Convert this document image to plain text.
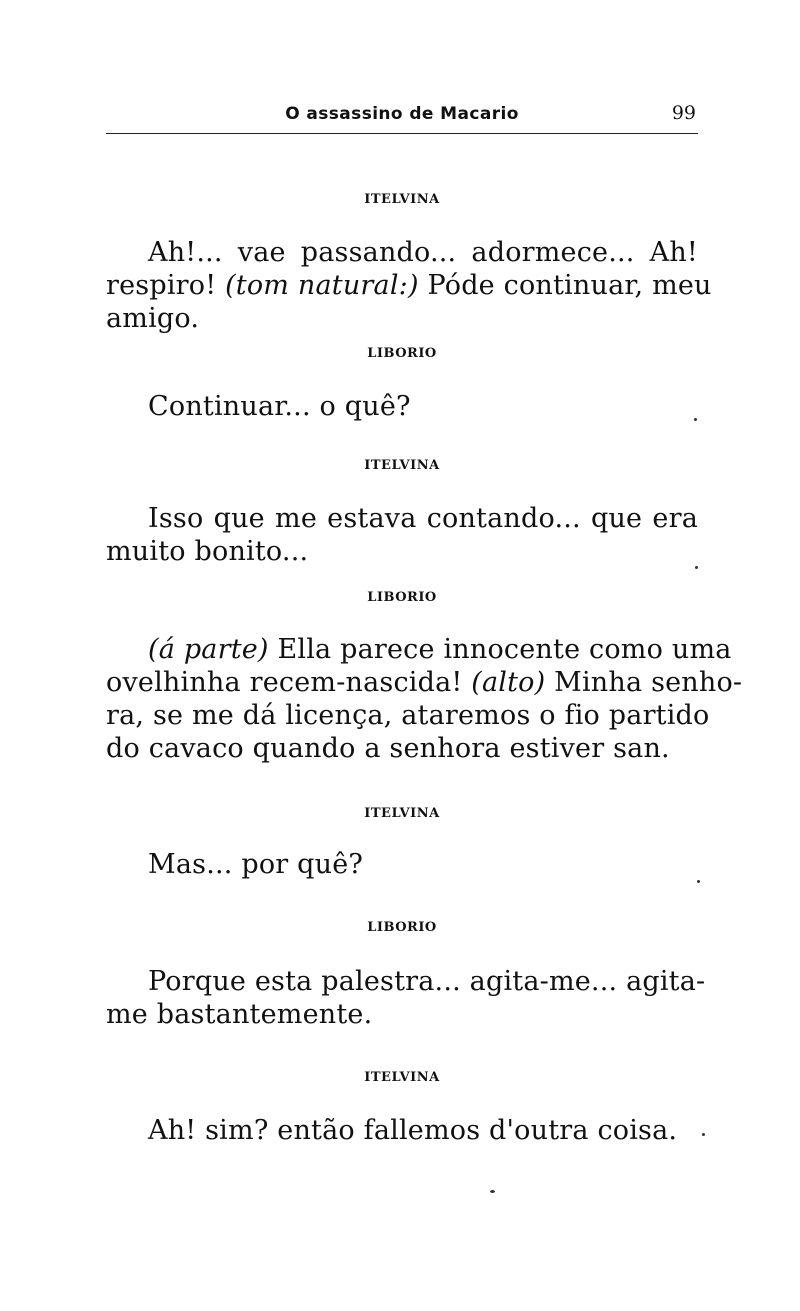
O assassino de Macario	99
ITELVINA
Ah!... vae passando... adormece... Ah!
respiro! (tom natural:) Póde continuar, meu
amigo.
LIBORIO
Continuar... o quê?
ITELVINA
Isso que me estava contando... que era
muito bonito...
LIBORIO
(á parte) Ella parece innocente como uma
ovelhinha recem-nascida! (alto) Minha senho-
ra, se me dá licença, ataremos o fio partido
do cavaco quando a senhora estiver san.
ITELVINA
Mas... por quê?
LIBORIO
Porque esta palestra... agita-me... agita-
me bastantemente.
ITELVINA
Ah! sim? então fallemos d'outra coisa.
